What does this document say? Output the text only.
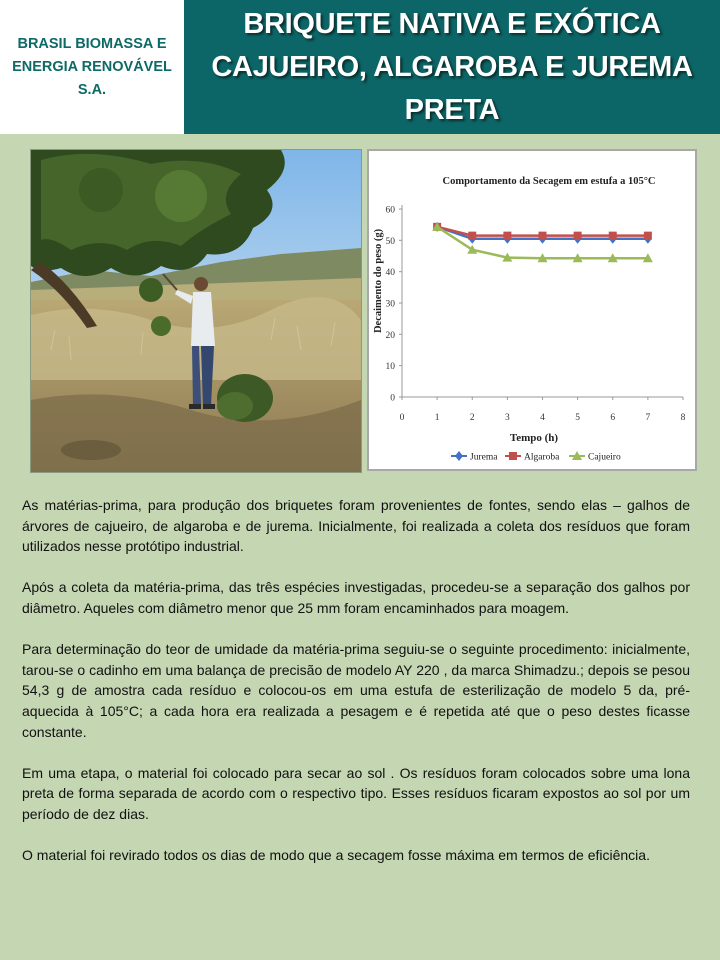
BRASIL BIOMASSA E ENERGIA RENOVÁVEL S.A.
BRIQUETE NATIVA E EXÓTICA CAJUEIRO, ALGAROBA E JUREMA PRETA
Comportamento da Secagem em estufa a 105°C
Decaimento do peso (g)
Tempo (h)
0
10
20
30
40
50
60
0	1	2	3	4	5	6	7	8
Jurema	Algaroba	Cajueiro

As matérias-prima, para produção dos briquetes foram provenientes de fontes, sendo elas – galhos de árvores de cajueiro, de algaroba e de jurema. Inicialmente, foi realizada a coleta dos resíduos que foram utilizados nesse protótipo industrial.

Após a coleta da matéria-prima, das três espécies investigadas, procedeu-se a separação dos galhos por diâmetro. Aqueles com diâmetro menor que 25 mm foram encaminhados para moagem.

Para determinação do teor de umidade da matéria-prima seguiu-se o seguinte procedimento: inicialmente, tarou-se o cadinho em uma balança de precisão de modelo AY 220 , da marca Shimadzu.; depois se pesou 54,3 g de amostra cada resíduo e colocou-os em uma estufa de esterilização de modelo 5 da, pré-aquecida à 105°C; a cada hora era realizada a pesagem e é repetida até que o peso destes ficasse constante.

Em uma etapa, o material foi colocado para secar ao sol . Os resíduos foram colocados sobre uma lona preta de forma separada de acordo com o respectivo tipo. Esses resíduos ficaram expostos ao sol por um período de dez dias.

O material foi revirado todos os dias de modo que a secagem fosse máxima em termos de eficiência.
